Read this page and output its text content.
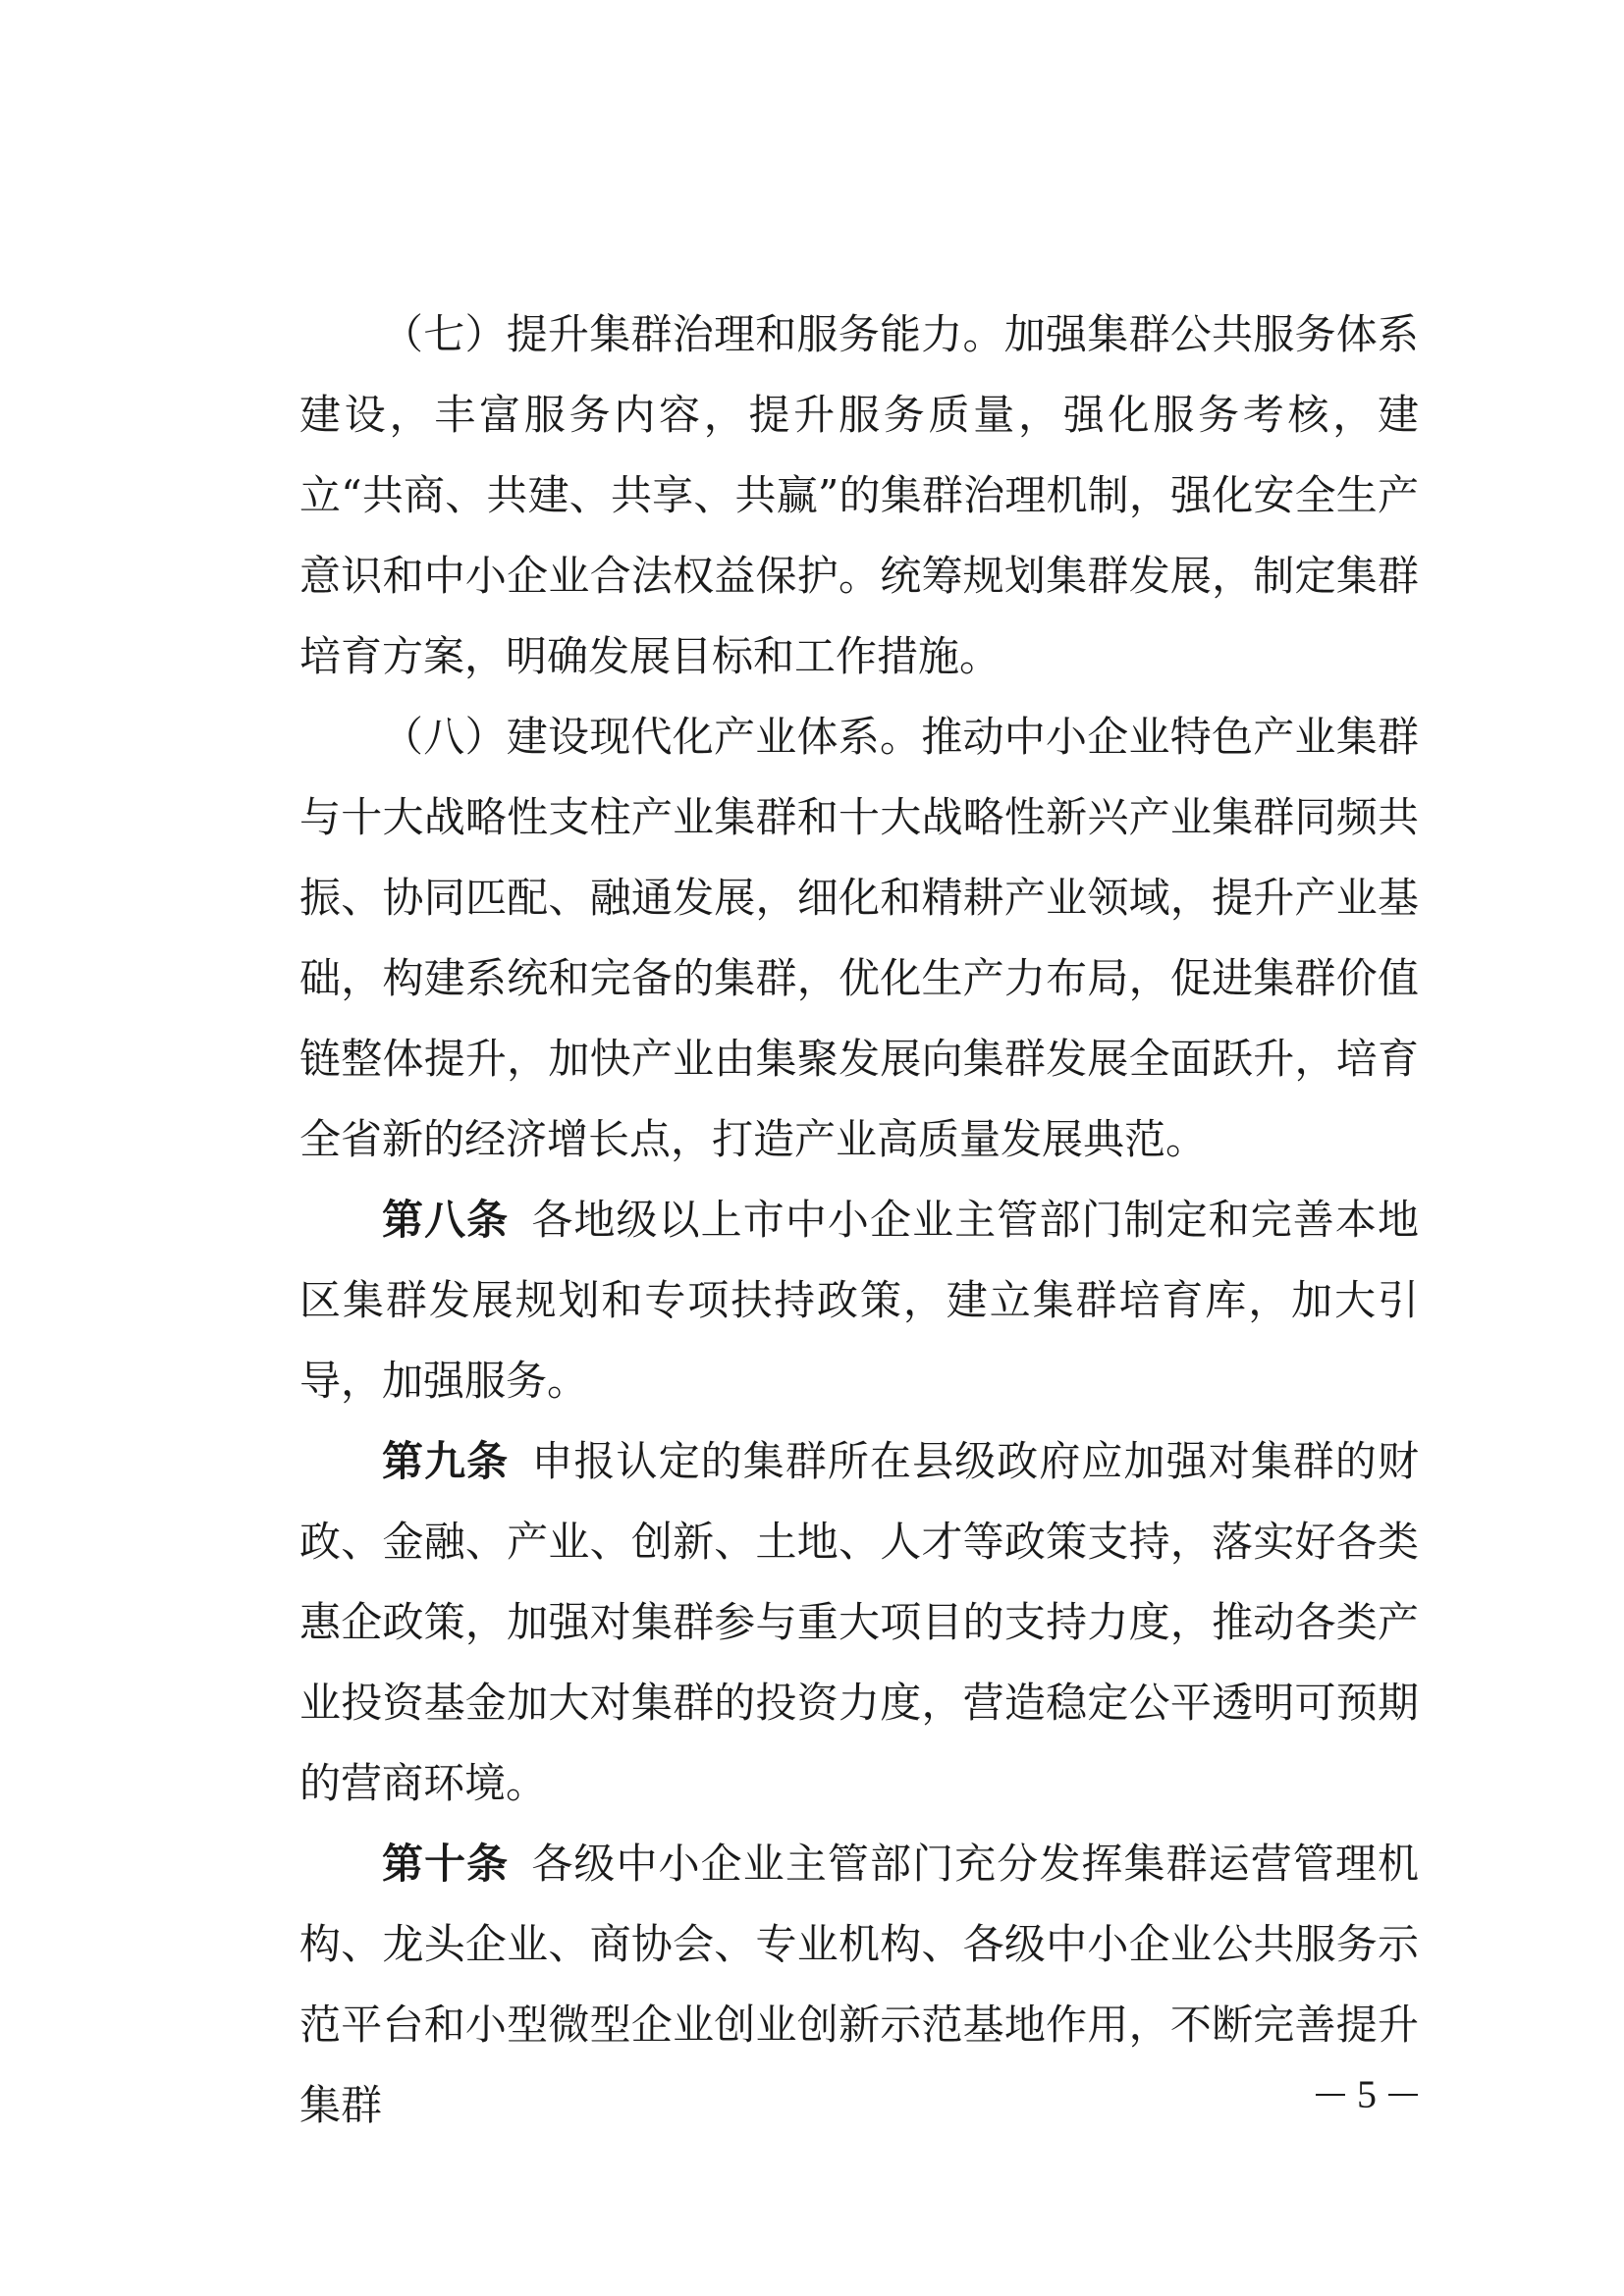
（七）提升集群治理和服务能力。加强集群公共服务体系建设，丰富服务内容，提升服务质量，强化服务考核，建立“共商、共建、共享、共赢”的集群治理机制，强化安全生产意识和中小企业合法权益保护。统筹规划集群发展，制定集群培育方案，明确发展目标和工作措施。

（八）建设现代化产业体系。推动中小企业特色产业集群与十大战略性支柱产业集群和十大战略性新兴产业集群同频共振、协同匹配、融通发展，细化和精耕产业领域，提升产业基础，构建系统和完备的集群，优化生产力布局，促进集群价值链整体提升，加快产业由集聚发展向集群发展全面跃升，培育全省新的经济增长点，打造产业高质量发展典范。

第八条 各地级以上市中小企业主管部门制定和完善本地区集群发展规划和专项扶持政策，建立集群培育库，加大引导，加强服务。

第九条 申报认定的集群所在县级政府应加强对集群的财政、金融、产业、创新、土地、人才等政策支持，落实好各类惠企政策，加强对集群参与重大项目的支持力度，推动各类产业投资基金加大对集群的投资力度，营造稳定公平透明可预期的营商环境。

第十条 各级中小企业主管部门充分发挥集群运营管理机构、龙头企业、商协会、专业机构、各级中小企业公共服务示范平台和小型微型企业创业创新示范基地作用，不断完善提升集群	5
